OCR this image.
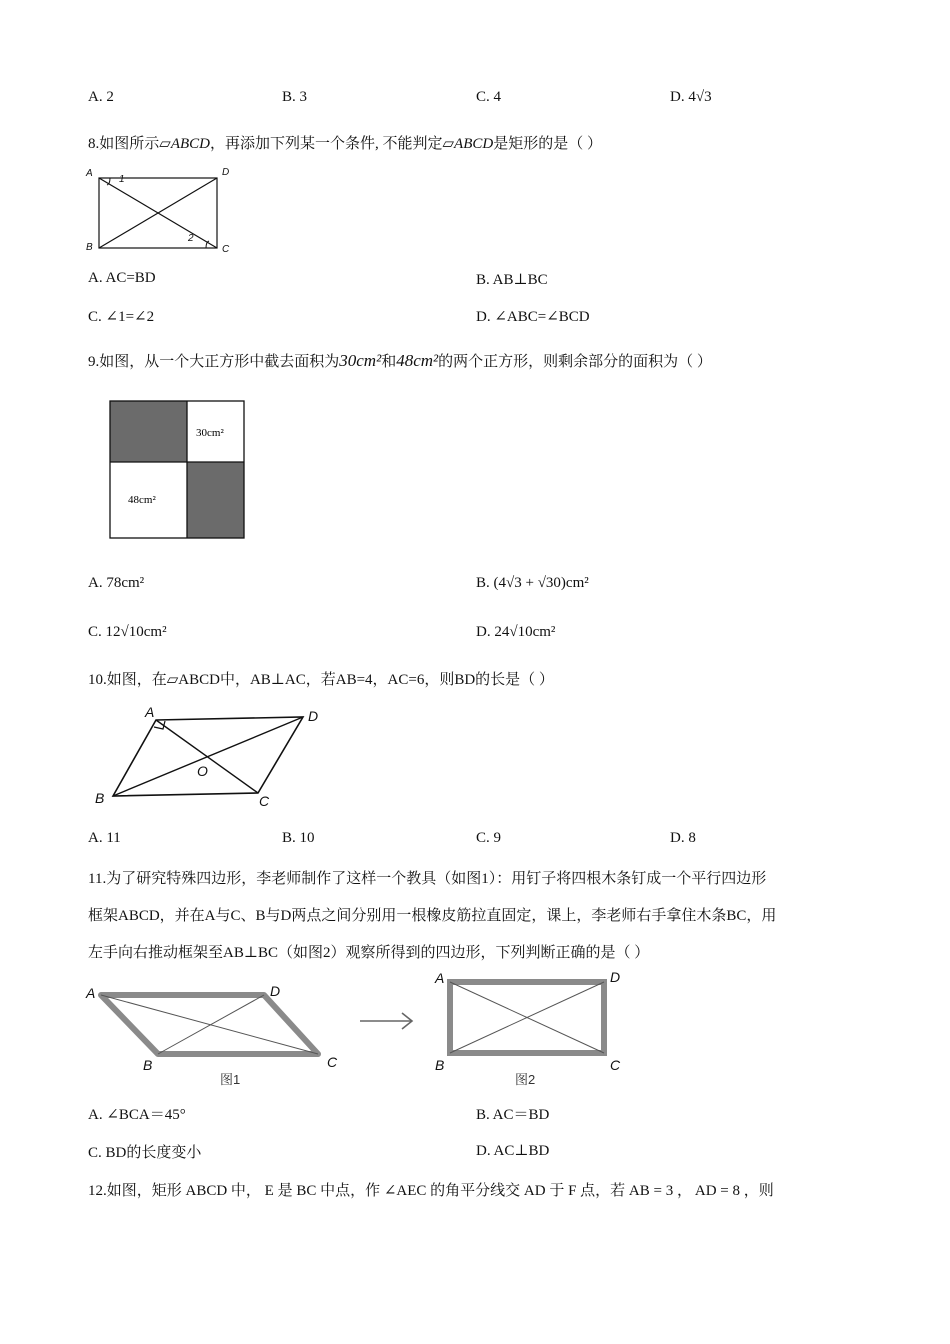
A. 2	B. 3	C. 4	D. 4√3
8.如图所示▱ABCD，再添加下列某一个条件, 不能判定▱ABCD是矩形的是（ ）
A	D
B	C
1
2
A. AC=BD	B. AB⊥BC
C. ∠1=∠2	D. ∠ABC=∠BCD
9.如图，从一个大正方形中截去面积为30cm²和48cm²的两个正方形，则剩余部分的面积为（ ）
30cm²
48cm²
A. 78cm²	B. (4√3 + √30)cm²
C. 12√10cm²	D. 24√10cm²
10.如图，在▱ABCD中，AB⊥AC，若AB=4，AC=6，则BD的长是（ ）
A	D
B	C
O
A. 11	B. 10	C. 9	D. 8
11.为了研究特殊四边形，李老师制作了这样一个教具（如图1）：用钉子将四根木条钉成一个平行四边形
框架ABCD，并在A与C、B与D两点之间分别用一根橡皮筋拉直固定，课上，李老师右手拿住木条BC，用
左手向右推动框架至AB⊥BC（如图2）观察所得到的四边形，下列判断正确的是（ ）
A	D
B	C
图1
A	D
B	C
图2
A. ∠BCA＝45°	B. AC＝BD
C. BD的长度变小	D. AC⊥BD
12.如图，矩形 ABCD 中， E 是 BC 中点，作 ∠AEC 的角平分线交 AD 于 F 点，若 AB = 3 ， AD = 8 ，则
